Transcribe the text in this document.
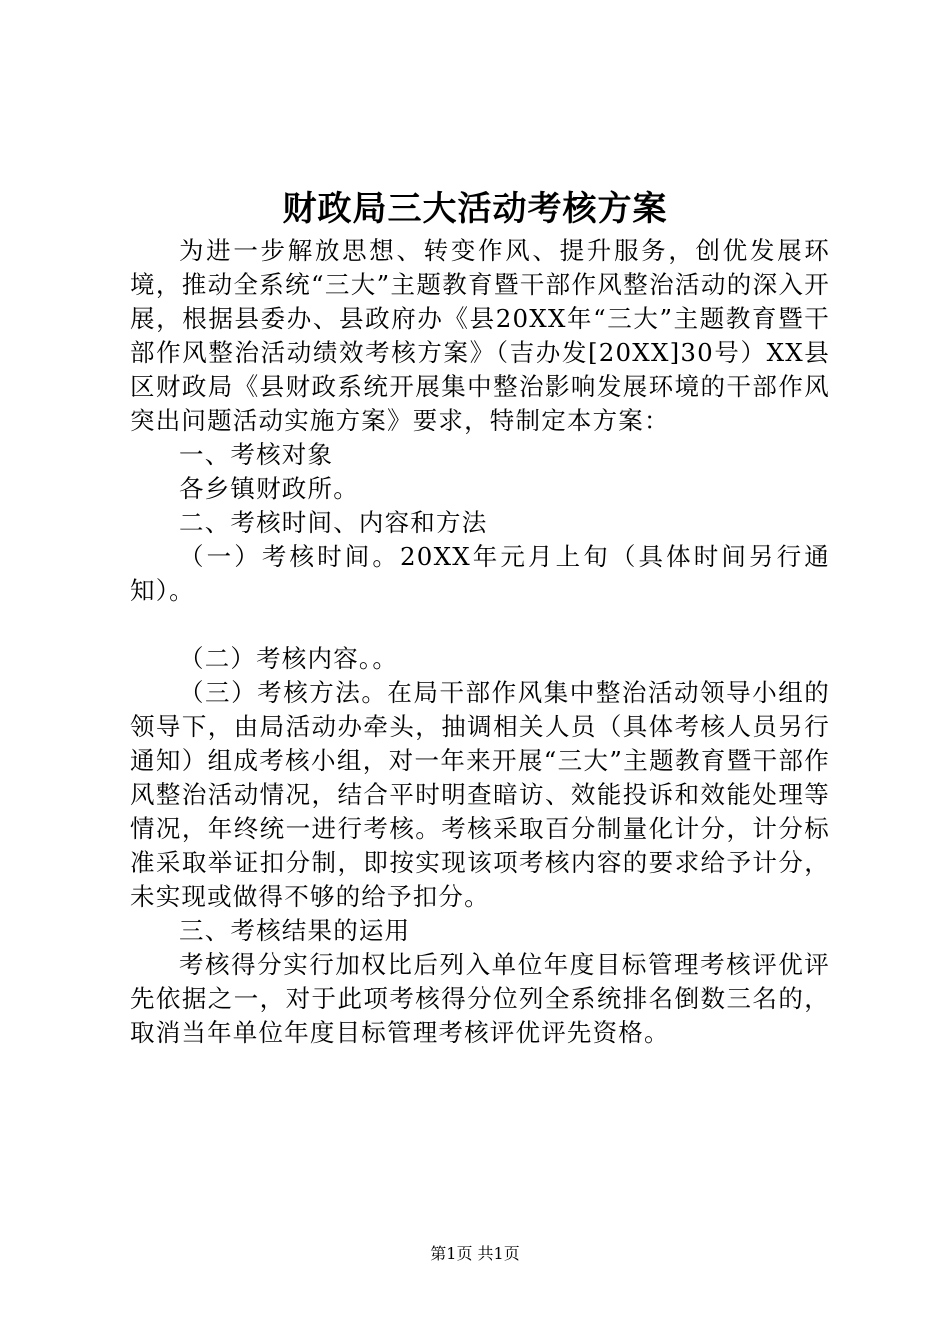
财政局三大活动考核方案

为进一步解放思想、转变作风、提升服务，创优发展环境，推动全系统“三大”主题教育暨干部作风整治活动的深入开展，根据县委办、县政府办《县20XX年“三大”主题教育暨干部作风整治活动绩效考核方案》（吉办发[20XX]30号）XX县区财政局《县财政系统开展集中整治影响发展环境的干部作风突出问题活动实施方案》要求，特制定本方案：

一、考核对象

各乡镇财政所。

二、考核时间、内容和方法

（一）考核时间。20XX年元月上旬（具体时间另行通知）。

（二）考核内容。。

（三）考核方法。在局干部作风集中整治活动领导小组的领导下，由局活动办牵头，抽调相关人员（具体考核人员另行通知）组成考核小组，对一年来开展“三大”主题教育暨干部作风整治活动情况，结合平时明查暗访、效能投诉和效能处理等情况，年终统一进行考核。考核采取百分制量化计分，计分标准采取举证扣分制，即按实现该项考核内容的要求给予计分，未实现或做得不够的给予扣分。

三、考核结果的运用

考核得分实行加权比后列入单位年度目标管理考核评优评先依据之一，对于此项考核得分位列全系统排名倒数三名的，取消当年单位年度目标管理考核评优评先资格。

第1页 共1页
